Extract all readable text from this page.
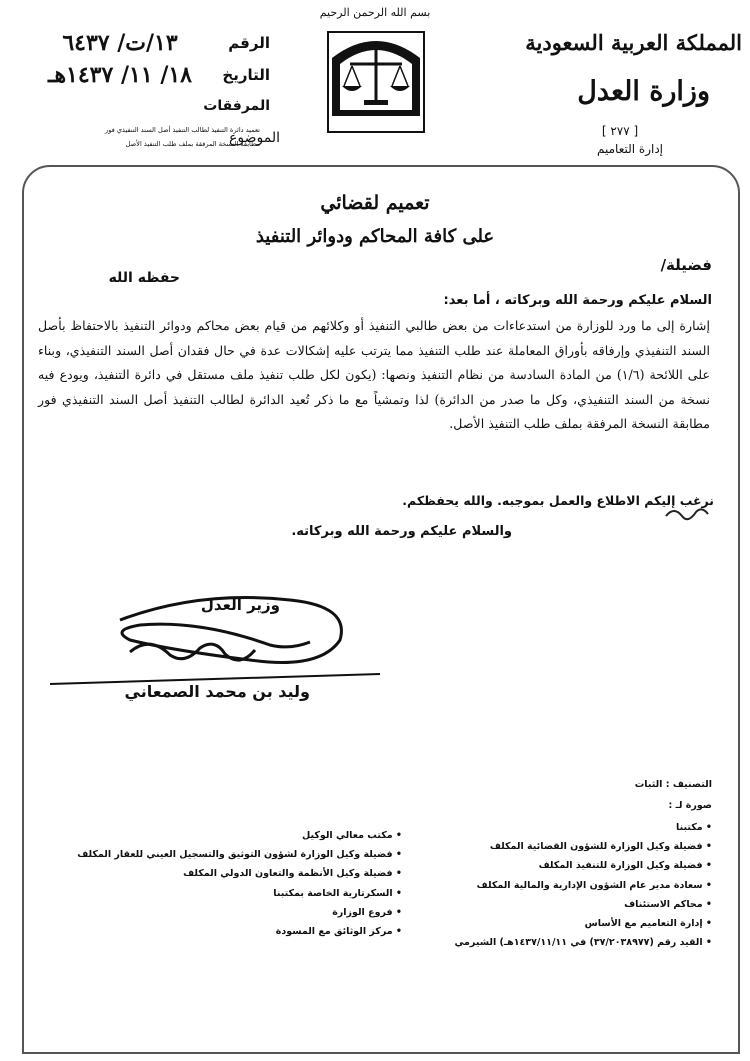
بسم الله الرحمن الرحيم
المملكة العربية السعودية
وزارة العدل
[ ٢٧٧ ]
إدارة التعاميم
وزارة العدل
الرقم
١٣/ت/ ٦٤٣٧
التاريخ
١٨/ ١١/ ١٤٣٧هـ
المرفقات
تعميد دائرة التنفيذ لطالب التنفيذ أصل السند التنفيذي فور
مطابقة النسخة المرفقة بملف طلب التنفيذ الأصل
الموضوع
تعميم لقضائي
على كافة المحاكم ودوائر التنفيذ
فضيلة/
حفظه الله
السلام عليكم ورحمة الله وبركاته ، أما بعد:

إشارة إلى ما ورد للوزارة من استدعاءات من بعض طالبي التنفيذ أو وكلائهم من قيام بعض محاكم ودوائر التنفيذ بالاحتفاظ بأصل السند التنفيذي وإرفاقه بأوراق المعاملة عند طلب التنفيذ مما يترتب عليه إشكالات عدة في حال فقدان أصل السند التنفيذي، وبناء على اللائحة (١/٦) من المادة السادسة من نظام التنفيذ ونصها: (يكون لكل طلب تنفيذ ملف مستقل في دائرة التنفيذ، ويودع فيه نسخة من السند التنفيذي، وكل ما صدر من الدائرة) لذا وتمشياً مع ما ذكر تُعيد الدائرة لطالب التنفيذ أصل السند التنفيذي فور مطابقة النسخة المرفقة بملف طلب التنفيذ الأصل.

نرغب إليكم الاطلاع والعمل بموجبه. والله يحفظكم.
والسلام عليكم ورحمة الله وبركاته.
وزير العدل
وليد بن محمد الصمعاني
التصنيف : الثبات
صورة لـ :
• مكتبنا
• فضيلة وكيل الوزارة للشؤون القضائية المكلف
• فضيلة وكيل الوزارة للتنفيذ المكلف
• سعادة مدير عام الشؤون الإدارية والمالية المكلف
• محاكم الاستئناف
• إدارة التعاميم مع الأساس
• القيد رقم (٣٧/٢٠٣٨٩٧٧) في ١٤٣٧/١١/١١هـ) الشيرمي
• مكتب معالي الوكيل
• فضيلة وكيل الوزارة لشؤون التوثيق والتسجيل العيني للعقار المكلف
• فضيلة وكيل الأنظمة والتعاون الدولي المكلف
• السكرتارية الخاصة بمكتبنا
• فروع الوزارة
• مركز الوثائق مع المسودة
